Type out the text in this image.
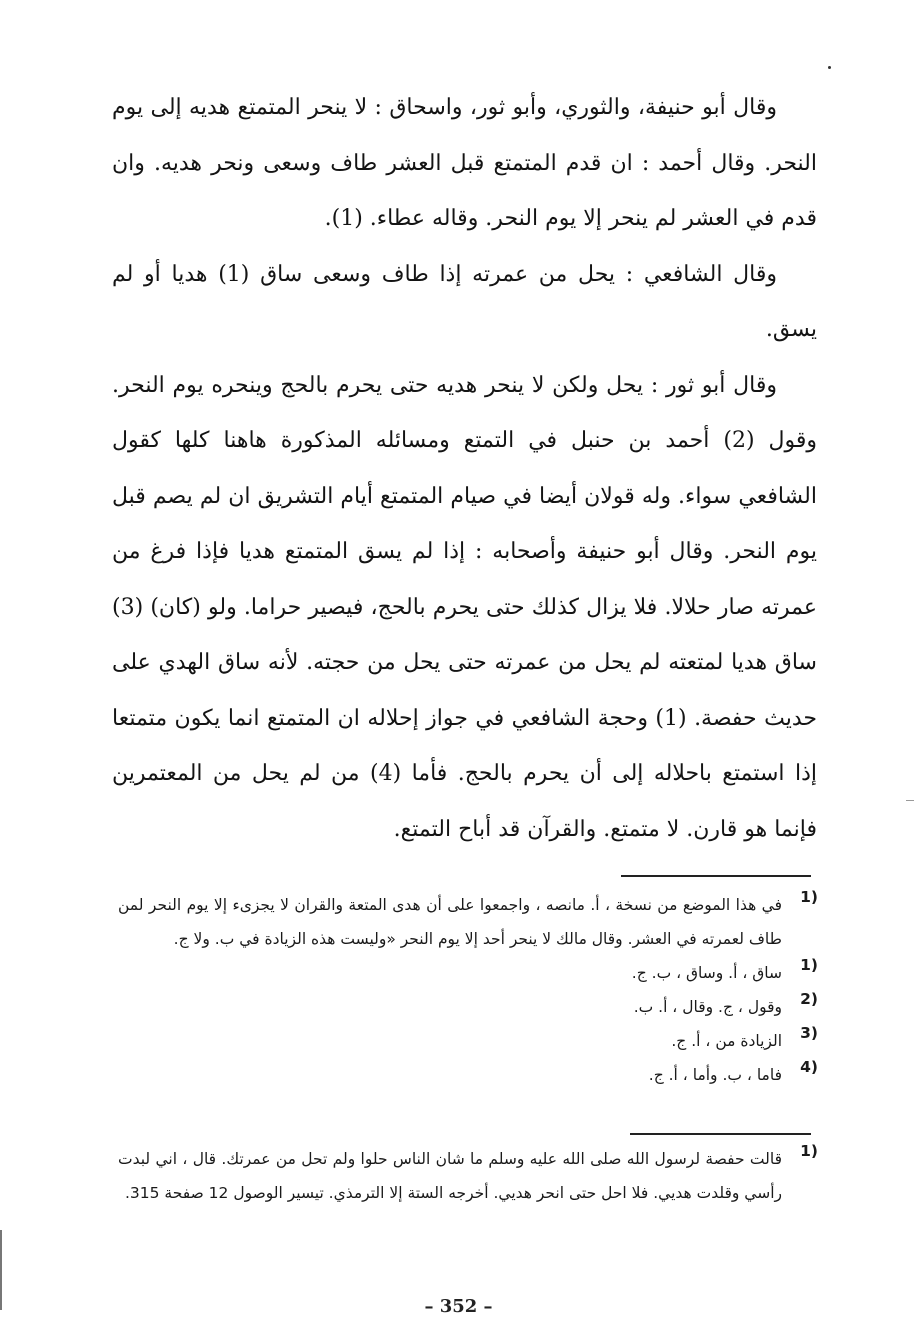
وقال أبو حنيفة، والثوري، وأبو ثور، واسحاق : لا ينحر المتمتع هديه إلى يوم النحر. وقال أحمد : ان قدم المتمتع قبل العشر طاف وسعى ونحر هديه. وان قدم في العشر لم ينحر إلا يوم النحر. وقاله عطاء. (1).

وقال الشافعي : يحل من عمرته إذا طاف وسعى ساق (1) هديا أو لم يسق.

وقال أبو ثور : يحل ولكن لا ينحر هديه حتى يحرم بالحج وينحره يوم النحر. وقول (2) أحمد بن حنبل في التمتع ومسائله المذكورة هاهنا كلها كقول الشافعي سواء. وله قولان أيضا في صيام المتمتع أيام التشريق ان لم يصم قبل يوم النحر. وقال أبو حنيفة وأصحابه : إذا لم يسق المتمتع هديا فإذا فرغ من عمرته صار حلالا. فلا يزال كذلك حتى يحرم بالحج، فيصير حراما. ولو (كان) (3) ساق هديا لمتعته لم يحل من عمرته حتى يحل من حجته. لأنه ساق الهدي على حديث حفصة. (1) وحجة الشافعي في جواز إحلاله ان المتمتع انما يكون متمتعا إذا استمتع باحلاله إلى أن يحرم بالحج. فأما (4) من لم يحل من المعتمرين فإنما هو قارن. لا متمتع. والقرآن قد أباح التمتع.

1)
في هذا الموضع من نسخة ، أ. مانصه ، واجمعوا على أن هدى المتعة والقران لا يجزىء إلا يوم النحر لمن طاف لعمرته في العشر. وقال مالك لا ينحر أحد إلا يوم النحر «وليست هذه الزيادة في ب. ولا ج.
1)
ساق ، أ. وساق ، ب. ج.
2)
وقول ، ج. وقال ، أ. ب.
3)
الزيادة من ، أ. ج.
4)
فاما ، ب. وأما ، أ. ج.
1)
قالت حفصة لرسول الله صلى الله عليه وسلم ما شان الناس حلوا ولم تحل من عمرتك. قال ، اني لبدت رأسي وقلدت هديي. فلا احل حتى انحر هديي. أخرجه الستة إلا الترمذي. تيسير الوصول 12 صفحة 315.
– 352 –
